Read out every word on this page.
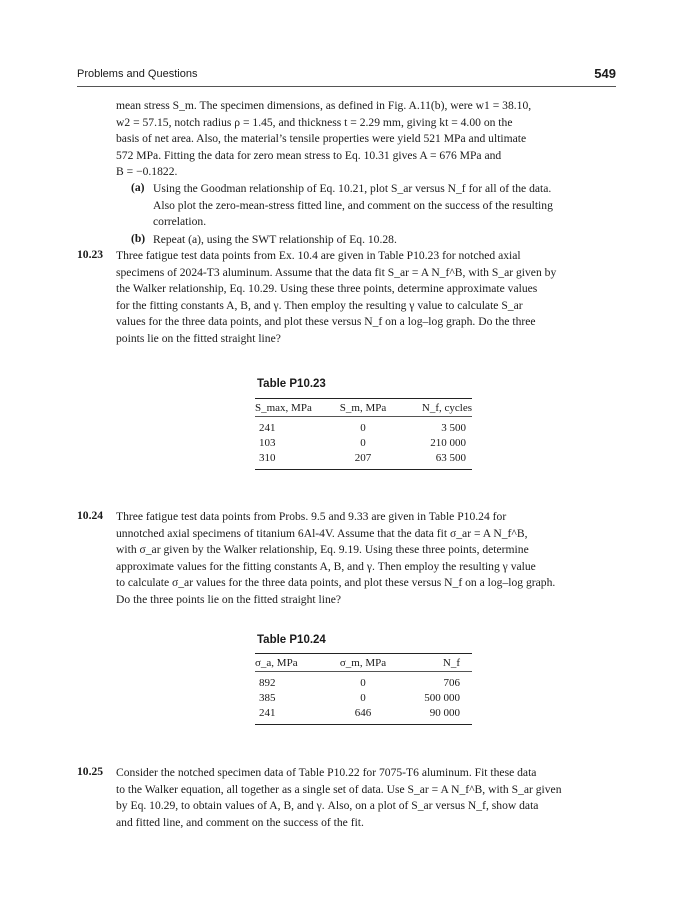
Problems and Questions	549

mean stress S_m. The specimen dimensions, as defined in Fig. A.11(b), were w1 = 38.10,

w2 = 57.15, notch radius ρ = 1.45, and thickness t = 2.29 mm, giving kt = 4.00 on the

basis of net area. Also, the material’s tensile properties were yield 521 MPa and ultimate

572 MPa. Fitting the data for zero mean stress to Eq. 10.31 gives A = 676 MPa and

B = −0.1822.

(a) Using the Goodman relationship of Eq. 10.21, plot S_ar versus N_f for all of the data.

Also plot the zero-mean-stress fitted line, and comment on the success of the resulting

correlation.

(b) Repeat (a), using the SWT relationship of Eq. 10.28.

10.23 Three fatigue test data points from Ex. 10.4 are given in Table P10.23 for notched axial

specimens of 2024-T3 aluminum. Assume that the data fit S_ar = A N_f^B, with S_ar given by

the Walker relationship, Eq. 10.29. Using these three points, determine approximate values

for the fitting constants A, B, and γ. Then employ the resulting γ value to calculate S_ar

values for the three data points, and plot these versus N_f on a log–log graph. Do the three

points lie on the fitted straight line?

Table P10.23
S_max, MPa	S_m, MPa	N_f, cycles
241	0	3 500
103	0	210 000
310	207	63 500
10.24 Three fatigue test data points from Probs. 9.5 and 9.33 are given in Table P10.24 for

unnotched axial specimens of titanium 6Al-4V. Assume that the data fit σ_ar = A N_f^B,

with σ_ar given by the Walker relationship, Eq. 9.19. Using these three points, determine

approximate values for the fitting constants A, B, and γ. Then employ the resulting γ value

to calculate σ_ar values for the three data points, and plot these versus N_f on a log–log graph.

Do the three points lie on the fitted straight line?

Table P10.24
σ_a, MPa	σ_m, MPa	N_f
892	0	706
385	0	500 000
241	646	90 000
10.25 Consider the notched specimen data of Table P10.22 for 7075-T6 aluminum. Fit these data

to the Walker equation, all together as a single set of data. Use S_ar = A N_f^B, with S_ar given

by Eq. 10.29, to obtain values of A, B, and γ. Also, on a plot of S_ar versus N_f, show data

and fitted line, and comment on the success of the fit.
